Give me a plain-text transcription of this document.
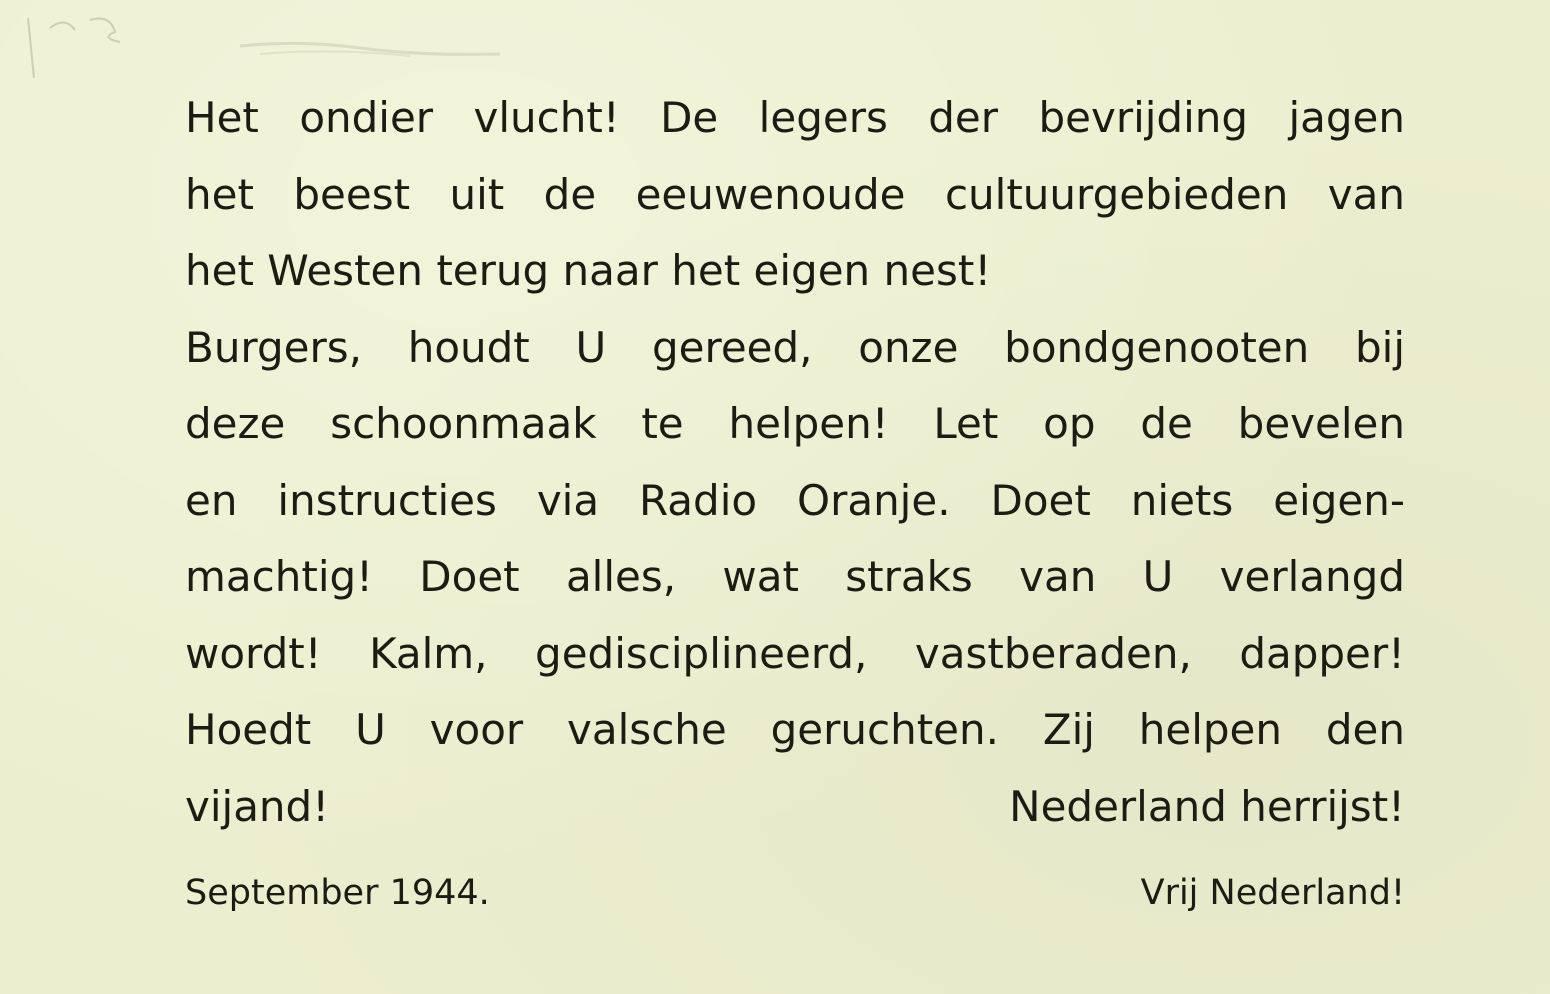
Het ondier vlucht! De legers der bevrijding jagen
het beest uit de eeuwenoude cultuurgebieden van
het Westen terug naar het eigen nest!
Burgers, houdt U gereed, onze bondgenooten bij
deze schoonmaak te helpen! Let op de bevelen
en instructies via Radio Oranje. Doet niets eigen-
machtig! Doet alles, wat straks van U verlangd
wordt! Kalm, gedisciplineerd, vastberaden, dapper!
Hoedt U voor valsche geruchten. Zij helpen den
vijand!	Nederland herrijst!
September 1944.	Vrij Nederland!
